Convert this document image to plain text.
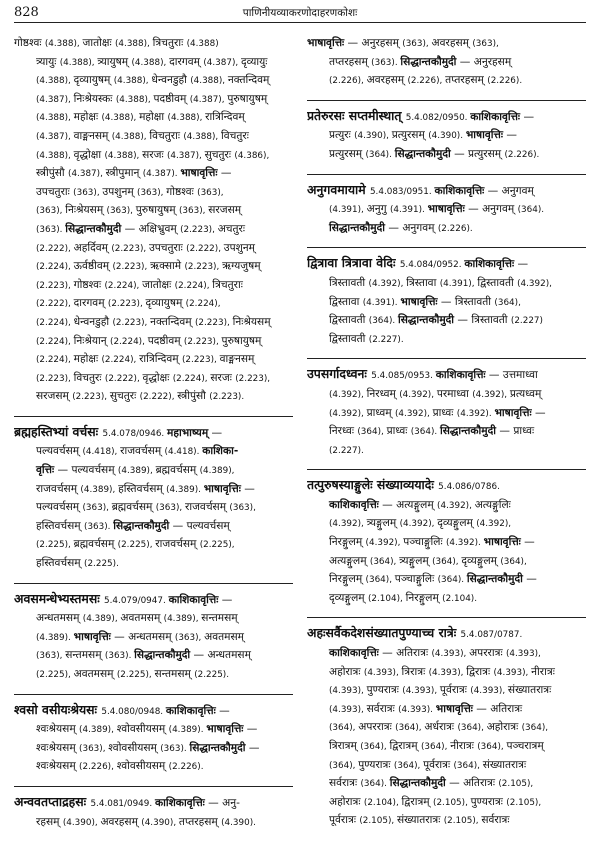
828	पाणिनीयव्याकरणोदाहरणकोशः
गोष्ठश्वः (4.388), जातोक्षः (4.388), त्रिचतुराः (4.388)
त्र्यायुः (4.388), त्र्यायुषम् (4.388), दारगवम् (4.387), दृव्यायुः
(4.388), दृव्यायुषम् (4.388), धेन्वनडुहौ (4.388), नक्तन्दिवम्
(4.387), निःश्रेयस्कः (4.388), पदष्ठीवम् (4.387), पुरुषायुषम्
(4.388), महोक्षः (4.388), महोक्षा (4.388), रात्रिन्दिवम्
(4.387), वाङ्मनसम् (4.388), विचतुराः (4.388), विचतुरः
(4.388), वृद्धोक्षा (4.388), सरजः (4.387), सुचतुरः (4.386),
स्त्रीपुंसौ (4.387), स्त्रीपुमान् (4.387). भाषावृत्तिः —
उपचतुराः (363), उपशुनम् (363), गोष्ठश्वः (363),
(363), निःश्रेयसम् (363), पुरुषायुषम् (363), सरजसम्
(363). सिद्धान्तकौमुदी — अक्षिभ्रुवम् (2.223), अचतुरः
(2.222), अहर्दिवम् (2.223), उपचतुराः (2.222), उपशुनम्
(2.224), ऊर्वष्ठीवम् (2.223), ऋक्सामे (2.223), ऋग्यजुषम्
(2.223), गोष्ठश्वः (2.224), जातोक्षः (2.224), त्रिचतुराः
(2.222), दारगवम् (2.223), दृव्यायुषम् (2.224),
(2.224), धेन्वनडुहौ (2.223), नक्तन्दिवम् (2.223), निःश्रेयसम्
(2.224), निःश्रेयान् (2.224), पदष्ठीवम् (2.223), पुरुषायुषम्
(2.224), महोक्षः (2.224), रात्रिन्दिवम् (2.223), वाङ्मनसम्
(2.223), विचतुरः (2.222), वृद्धोक्षः (2.224), सरजः (2.223),
सरजसम् (2.223), सुचतुरः (2.222), स्त्रीपुंसौ (2.223).
ब्रह्महस्तिभ्यां वर्चसः 5.4.078/0946. महाभाष्यम् —
पल्यवर्चसम् (4.418), राजवर्चसम् (4.418). काशिका-
वृत्तिः — पल्यवर्चसम् (4.389), ब्रह्मवर्चसम् (4.389),
राजवर्चसम् (4.389), हस्तिवर्चसम् (4.389). भाषावृत्तिः —
पल्यवर्चसम् (363), ब्रह्मवर्चसम् (363), राजवर्चसम् (363),
हस्तिवर्चसम् (363). सिद्धान्तकौमुदी — पल्यवर्चसम्
(2.225), ब्रह्मवर्चसम् (2.225), राजवर्चसम् (2.225),
हस्तिवर्चसम् (2.225).
अवसमन्धेभ्यस्तमसः 5.4.079/0947. काशिकावृत्तिः —
अन्धतमसम् (4.389), अवतमसम् (4.389), सन्तमसम्
(4.389). भाषावृत्तिः — अन्धतमसम् (363), अवतमसम्
(363), सन्तमसम् (363). सिद्धान्तकौमुदी — अन्धतमसम्
(2.225), अवतमसम् (2.225), सन्तमसम् (2.225).
श्वसो वसीयःश्रेयसः 5.4.080/0948. काशिकावृत्तिः —
श्वःश्रेयसम् (4.389), श्वोवसीयसम् (4.389). भाषावृत्तिः —
श्वःश्रेयसम् (363), श्वोवसीयसम् (363). सिद्धान्तकौमुदी —
श्वःश्रेयसम् (2.226), श्वोवसीयसम् (2.226).
अन्ववतप्ताद्रहसः 5.4.081/0949. काशिकावृत्तिः — अनु-
रहसम् (4.390), अवरहसम् (4.390), तप्तरहसम् (4.390).
भाषावृत्तिः — अनुरहसम् (363), अवरहसम् (363),
तप्तरहसम् (363). सिद्धान्तकौमुदी — अनुरहसम्
(2.226), अवरहसम् (2.226), तप्तरहसम् (2.226).
प्रतेरुरसः सप्तमीस्थात् 5.4.082/0950. काशिकावृत्तिः —
प्रत्युरः (4.390), प्रत्युरसम् (4.390). भाषावृत्तिः —
प्रत्युरसम् (364). सिद्धान्तकौमुदी — प्रत्युरसम् (2.226).
अनुगवमायामे 5.4.083/0951. काशिकावृत्तिः — अनुगवम्
(4.391), अनुगु (4.391). भाषावृत्तिः — अनुगवम् (364).
सिद्धान्तकौमुदी — अनुगवम् (2.226).
द्वित्रावा त्रित्रावा वेदिः 5.4.084/0952. काशिकावृत्तिः —
त्रिस्तावती (4.392), त्रिस्तावा (4.391), द्विस्तावती (4.392),
द्विस्तावा (4.391). भाषावृत्तिः — त्रिस्तावती (364),
द्विस्तावती (364). सिद्धान्तकौमुदी — त्रिस्तावती (2.227)
द्विस्तावती (2.227).
उपसर्गादध्वनः 5.4.085/0953. काशिकावृत्तिः — उत्तमाध्वा
(4.392), निरध्वम् (4.392), परमाध्वा (4.392), प्रत्यध्वम्
(4.392), प्राध्वम् (4.392), प्राध्वः (4.392). भाषावृत्तिः —
निरध्वः (364), प्राध्वः (364). सिद्धान्तकौमुदी — प्राध्वः
(2.227).
तत्पुरुषस्याङ्गुलेः संख्याव्ययादेः 5.4.086/0786.
काशिकावृत्तिः — अत्यङ्गुलम् (4.392), अत्यङ्गुलिः
(4.392), त्र्यङ्गुलम् (4.392), दृव्यङ्गुलम् (4.392),
निरङ्गुलम् (4.392), पञ्चाङ्गुलिः (4.392). भाषावृत्तिः —
अत्यङ्गुलम् (364), त्र्यङ्गुलम् (364), दृव्यङ्गुलम् (364),
निरङ्गुलम् (364), पञ्चाङ्गुलिः (364). सिद्धान्तकौमुदी —
दृव्यङ्गुलम् (2.104), निरङ्गुलम् (2.104).
अहःसर्वैकदेशसंख्यातपुण्याच्च रात्रेः 5.4.087/0787.
काशिकावृत्तिः — अतिरात्रः (4.393), अपररात्रः (4.393),
अहोरात्रः (4.393), त्रिरात्रः (4.393), द्विरात्रः (4.393), नीरात्रः
(4.393), पुण्यरात्रः (4.393), पूर्वरात्रः (4.393), संख्यातरात्रः
(4.393), सर्वरात्रः (4.393). भाषावृत्तिः — अतिरात्रः
(364), अपररात्रः (364), अर्धरात्रः (364), अहोरात्रः (364),
त्रिरात्रम् (364), द्विरात्रम् (364), नीरात्रः (364), पञ्चरात्रम्
(364), पुण्यरात्रः (364), पूर्वरात्रः (364), संख्यातरात्रः
सर्वरात्रः (364). सिद्धान्तकौमुदी — अतिरात्रः (2.105),
अहोरात्रः (2.104), द्विरात्रम् (2.105), पुण्यरात्रः (2.105),
पूर्वरात्रः (2.105), संख्यातरात्रः (2.105), सर्वरात्रः
